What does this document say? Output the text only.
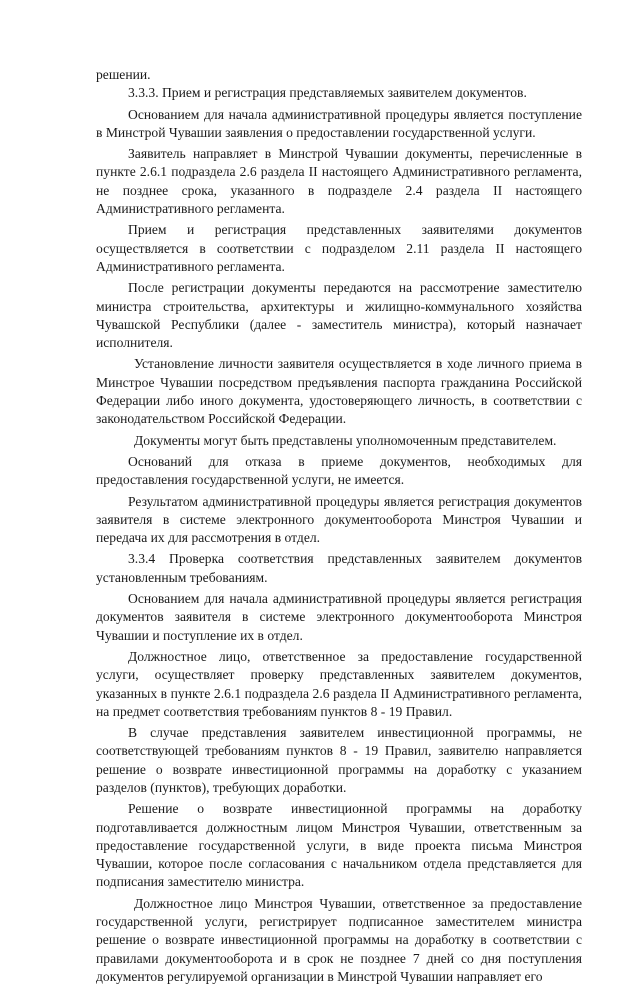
решении.

3.3.3. Прием и регистрация представляемых заявителем документов.

Основанием для начала административной процедуры является поступление в Минстрой Чувашии заявления о предоставлении государственной услуги.

Заявитель направляет в Минстрой Чувашии документы, перечисленные в пункте 2.6.1 подраздела 2.6 раздела II настоящего Административного регламента, не позднее срока, указанного в подразделе 2.4 раздела II настоящего Административного регламента.

Прием и регистрация представленных заявителями документов осуществляется в соответствии с подразделом 2.11 раздела II настоящего Административного регламента.

После регистрации документы передаются на рассмотрение заместителю министра строительства, архитектуры и жилищно-коммунального хозяйства Чувашской Республики (далее - заместитель министра), который назначает исполнителя.

Установление личности заявителя осуществляется в ходе личного приема в Минстрое Чувашии посредством предъявления паспорта гражданина Российской Федерации либо иного документа, удостоверяющего личность, в соответствии с законодательством Российской Федерации.

Документы могут быть представлены уполномоченным представителем.

Оснований для отказа в приеме документов, необходимых для предоставления государственной услуги, не имеется.

Результатом административной процедуры является регистрация документов заявителя в системе электронного документооборота Минстроя Чувашии и передача их для рассмотрения в отдел.

3.3.4 Проверка соответствия представленных заявителем документов установленным требованиям.

Основанием для начала административной процедуры является регистрация документов заявителя в системе электронного документооборота Минстроя Чувашии и поступление их в отдел.

Должностное лицо, ответственное за предоставление государственной услуги, осуществляет проверку представленных заявителем документов, указанных в пункте 2.6.1 подраздела 2.6 раздела II Административного регламента, на предмет соответствия требованиям пунктов 8 - 19 Правил.

В случае представления заявителем инвестиционной программы, не соответствующей требованиям пунктов 8 - 19 Правил, заявителю направляется решение о возврате инвестиционной программы на доработку с указанием разделов (пунктов), требующих доработки.

Решение о возврате инвестиционной программы на доработку подготавливается должностным лицом Минстроя Чувашии, ответственным за предоставление государственной услуги, в виде проекта письма Минстроя Чувашии, которое после согласования с начальником отдела представляется для подписания заместителю министра.

Должностное лицо Минстроя Чувашии, ответственное за предоставление государственной услуги, регистрирует подписанное заместителем министра решение о возврате инвестиционной программы на доработку в соответствии с правилами документооборота и в срок не позднее 7 дней со дня поступления документов регулируемой организации в Минстрой Чувашии направляет его
